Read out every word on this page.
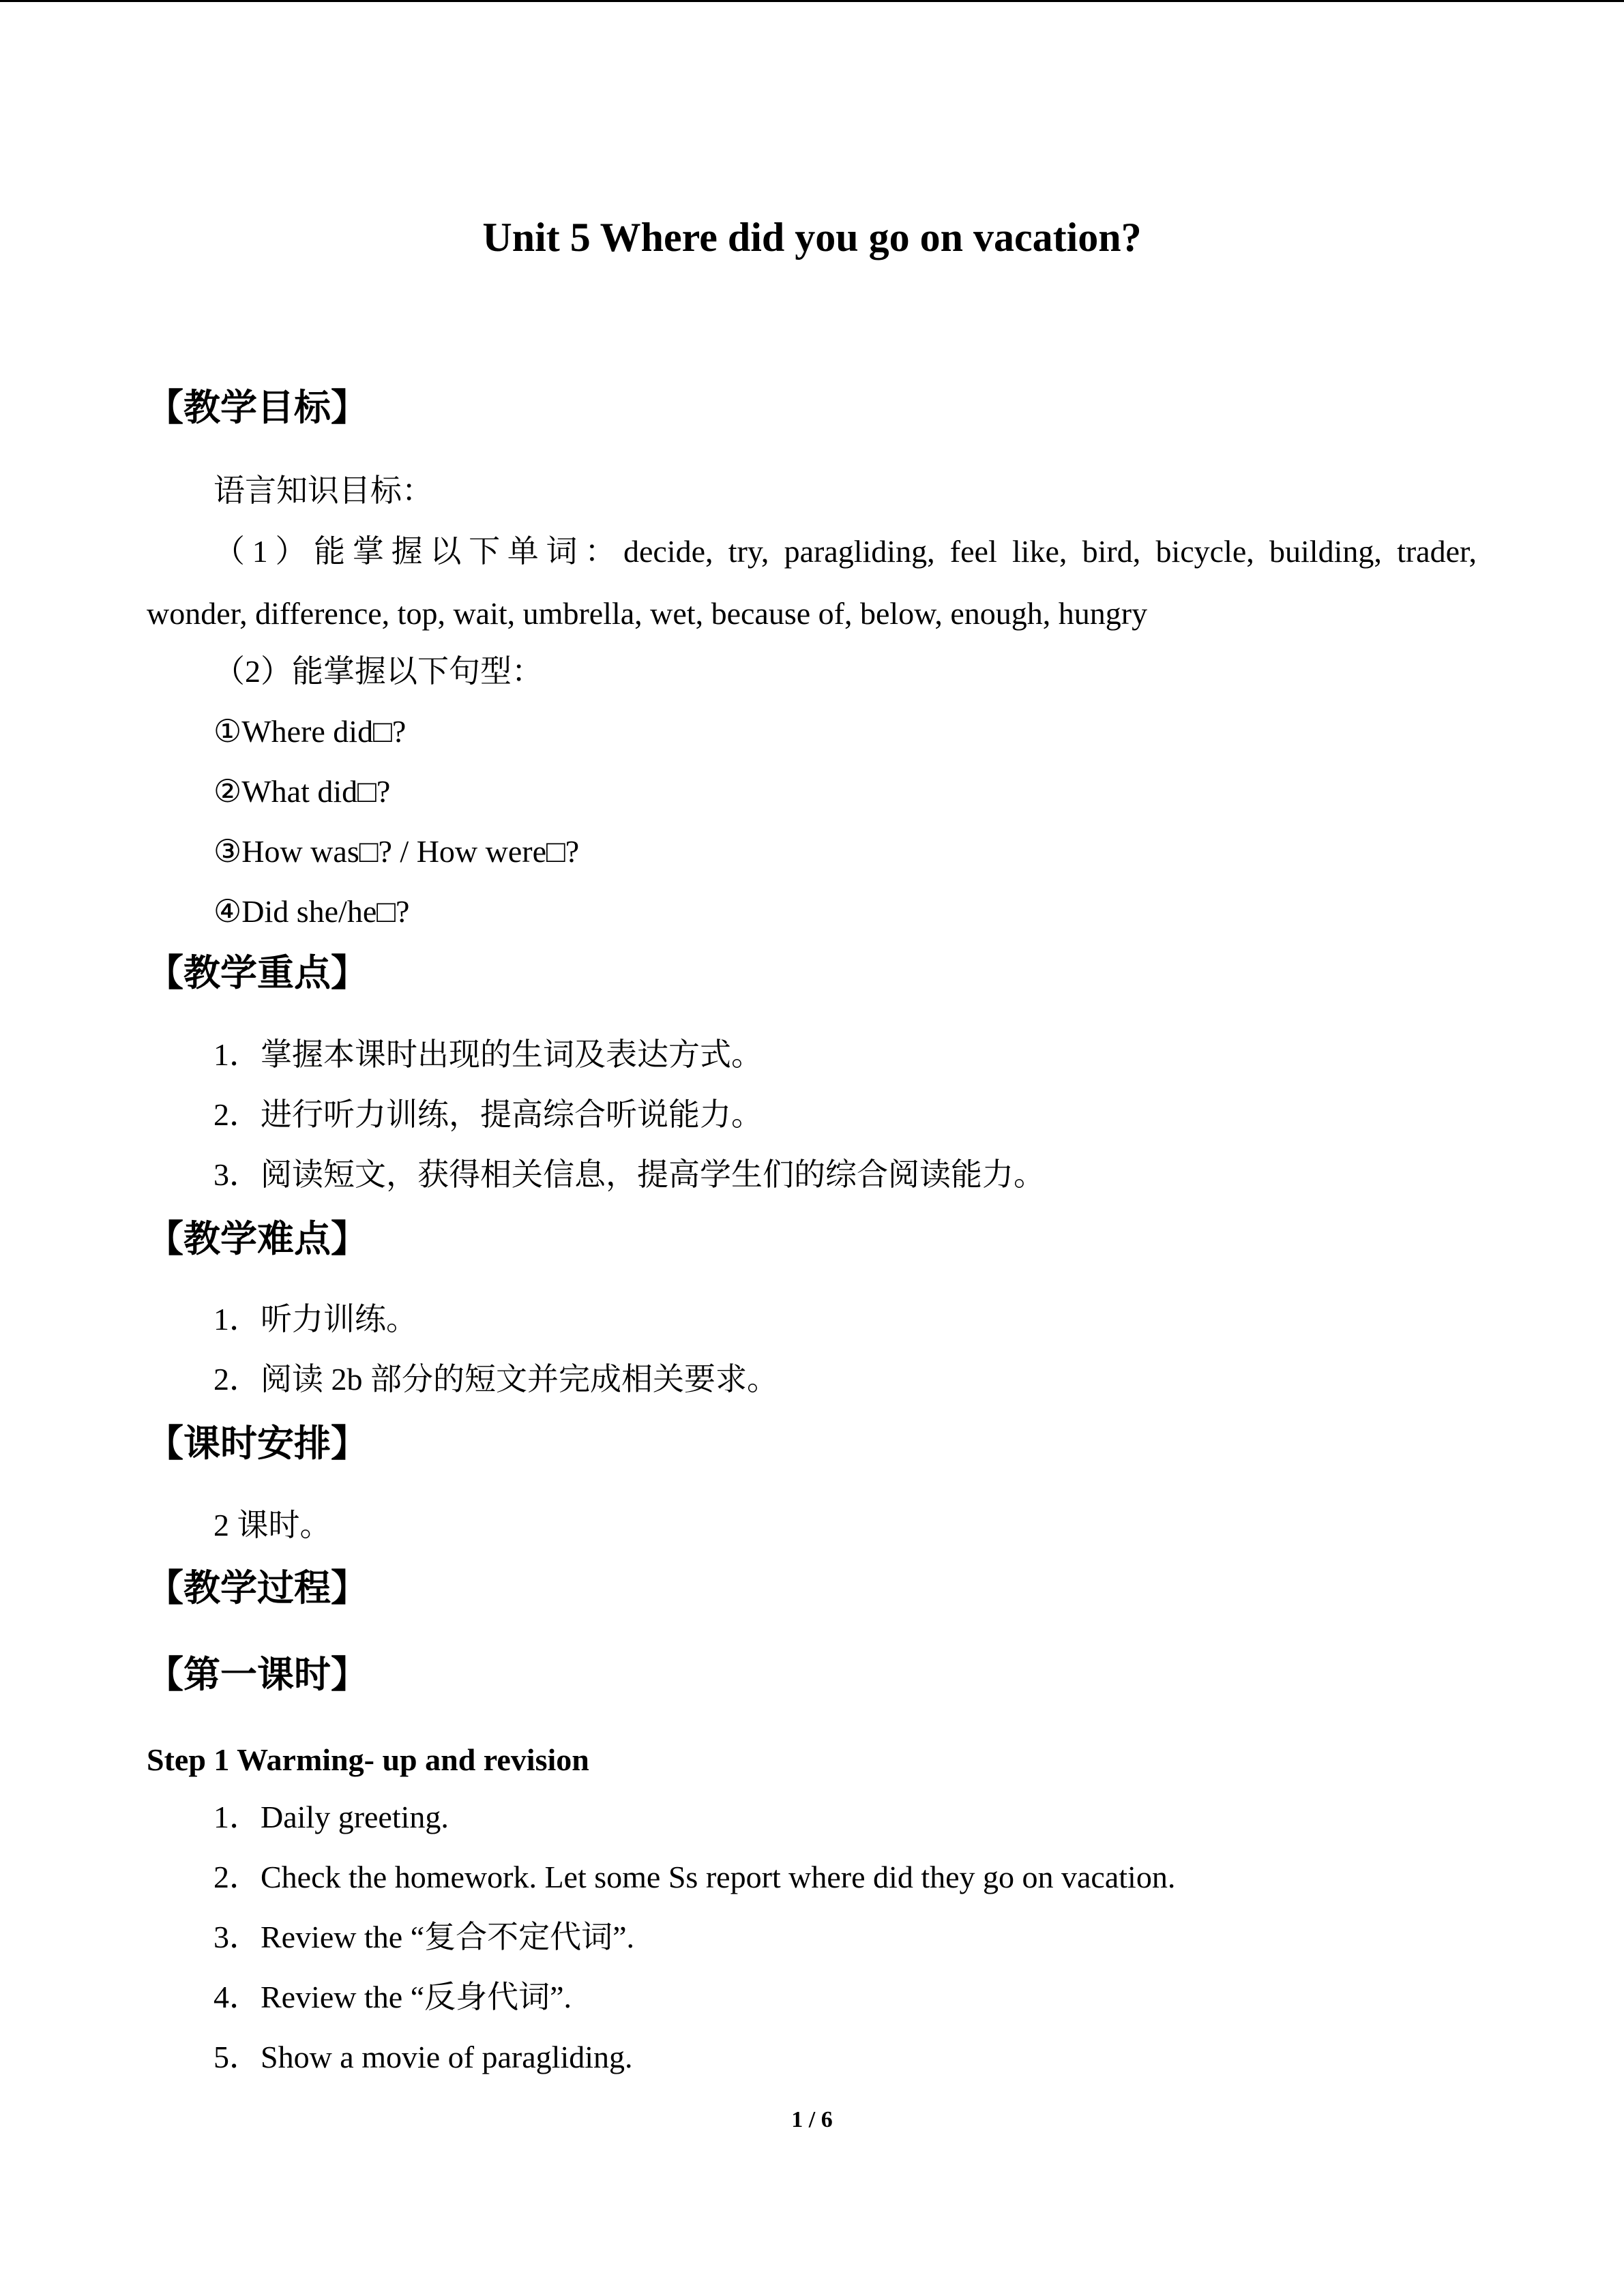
Unit 5 Where did you go on vacation?
【教学目标】
语言知识目标：
（1）能掌握以下单词：decide, try, paragliding, feel like, bird, bicycle, building, trader,
wonder, difference, top, wait, umbrella, wet, because of, below, enough, hungry
（2）能掌握以下句型：
①Where did□?
②What did□?
③How was□? / How were□?
④Did she/he□?
【教学重点】
1．掌握本课时出现的生词及表达方式。
2．进行听力训练，提高综合听说能力。
3．阅读短文，获得相关信息，提高学生们的综合阅读能力。
【教学难点】
1．听力训练。
2．阅读 2b 部分的短文并完成相关要求。
【课时安排】
2 课时。
【教学过程】
【第一课时】
Step 1 Warming- up and revision
1．Daily greeting.
2．Check the homework. Let some Ss report where did they go on vacation.
3．Review the “复合不定代词”.
4．Review the “反身代词”.
5．Show a movie of paragliding.
1 / 6
